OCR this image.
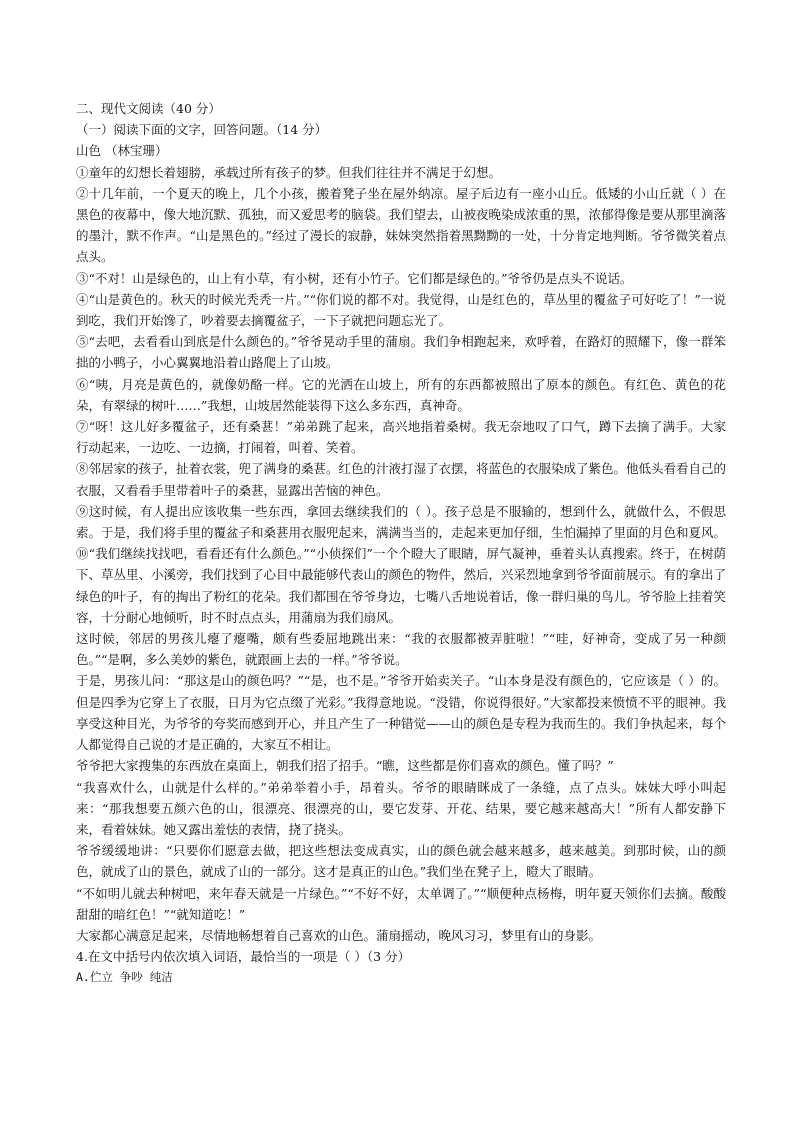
二、现代文阅读（40 分）

（一）阅读下面的文字，回答问题。（14 分）

山色 （林宝珊）

①童年的幻想长着翅膀，承载过所有孩子的梦。但我们往往并不满足于幻想。

②十几年前，一个夏天的晚上，几个小孩，搬着凳子坐在屋外纳凉。屋子后边有一座小山丘。低矮的小山丘就（ ）在黑色的夜幕中，像大地沉默、孤独，而又爱思考的脑袋。我们望去，山被夜晚染成浓重的黑，浓郁得像是要从那里滴落的墨汁，默不作声。“山是黑色的。”经过了漫长的寂静，妹妹突然指着黑黝黝的一处，十分肯定地判断。爷爷微笑着点点头。

③“不对！山是绿色的，山上有小草，有小树，还有小竹子。它们都是绿色的。”爷爷仍是点头不说话。

④“山是黄色的。秋天的时候光秃秃一片。”“你们说的都不对。我觉得，山是红色的，草丛里的覆盆子可好吃了！”一说到吃，我们开始馋了，吵着要去摘覆盆子，一下子就把问题忘光了。

⑤“去吧，去看看山到底是什么颜色的。”爷爷晃动手里的蒲扇。我们争相跑起来，欢呼着，在路灯的照耀下，像一群笨拙的小鸭子，小心翼翼地沿着山路爬上了山坡。

⑥“咦，月亮是黄色的，就像奶酪一样。它的光洒在山坡上，所有的东西都被照出了原本的颜色。有红色、黄色的花朵，有翠绿的树叶……”我想，山坡居然能装得下这么多东西，真神奇。

⑦“呀！这儿好多覆盆子，还有桑葚！”弟弟跳了起来，高兴地指着桑树。我无奈地叹了口气，蹲下去摘了满手。大家行动起来，一边吃、一边摘，打闹着，叫着、笑着。

⑧邻居家的孩子，扯着衣裳，兜了满身的桑葚。红色的汁液打湿了衣摆，将蓝色的衣服染成了紫色。他低头看看自己的衣服，又看看手里带着叶子的桑葚，显露出苦恼的神色。

⑨这时候，有人提出应该收集一些东西，拿回去继续我们的（ ）。孩子总是不服输的，想到什么，就做什么，不假思索。于是，我们将手里的覆盆子和桑葚用衣服兜起来，满满当当的，走起来更加仔细，生怕漏掉了里面的月色和夏风。

⑩“我们继续找找吧，看看还有什么颜色。”“小侦探们”一个个瞪大了眼睛，屏气凝神，垂着头认真搜索。终于，在树荫下、草丛里、小溪旁，我们找到了心目中最能够代表山的颜色的物件，然后，兴采烈地拿到爷爷面前展示。有的拿出了绿色的叶子，有的掏出了粉红的花朵。我们都围在爷爷身边，七嘴八舌地说着话，像一群归巢的鸟儿。爷爷脸上挂着笑容，十分耐心地倾听，时不时点点头，用蒲扇为我们扇风。

这时候，邻居的男孩儿瘪了瘪嘴，颇有些委屈地跳出来：“我的衣服都被弄脏啦！”“哇，好神奇，变成了另一种颜色。”“是啊，多么美妙的紫色，就跟画上去的一样。”爷爷说。

于是，男孩儿问：“那这是山的颜色吗？”“是，也不是。”爷爷开始卖关子。“山本身是没有颜色的，它应该是（ ）的。但是四季为它穿上了衣服，日月为它点缀了光彩。”我得意地说。“没错，你说得很好。”大家都投来愤愤不平的眼神。我享受这种目光，为爷爷的夸奖而感到开心，并且产生了一种错觉——山的颜色是专程为我而生的。我们争执起来，每个人都觉得自己说的才是正确的，大家互不相让。

爷爷把大家搜集的东西放在桌面上，朝我们招了招手。“瞧，这些都是你们喜欢的颜色。懂了吗？”

“我喜欢什么，山就是什么样的。”弟弟举着小手，昂着头。爷爷的眼睛眯成了一条缝，点了点头。妹妹大呼小叫起来：“那我想要五颜六色的山，很漂亮、很漂亮的山，要它发芽、开花、结果，要它越来越高大！”所有人都安静下来，看着妹妹。她又露出羞怯的表情，挠了挠头。

爷爷缓缓地讲：“只要你们愿意去做，把这些想法变成真实，山的颜色就会越来越多，越来越美。到那时候，山的颜色，就成了山的景色，就成了山的一部分。这才是真正的山色。”我们坐在凳子上，瞪大了眼睛。

“不如明儿就去种树吧，来年春天就是一片绿色。”“不好不好，太单调了。”“顺便种点杨梅，明年夏天领你们去摘。酸酸甜甜的暗红色！”“就知道吃！”

大家都心满意足起来，尽情地畅想着自己喜欢的山色。蒲扇摇动，晚风习习，梦里有山的身影。

4.在文中括号内依次填入词语，最恰当的一项是（ ）（3 分）

A.伫立 争吵 纯洁
